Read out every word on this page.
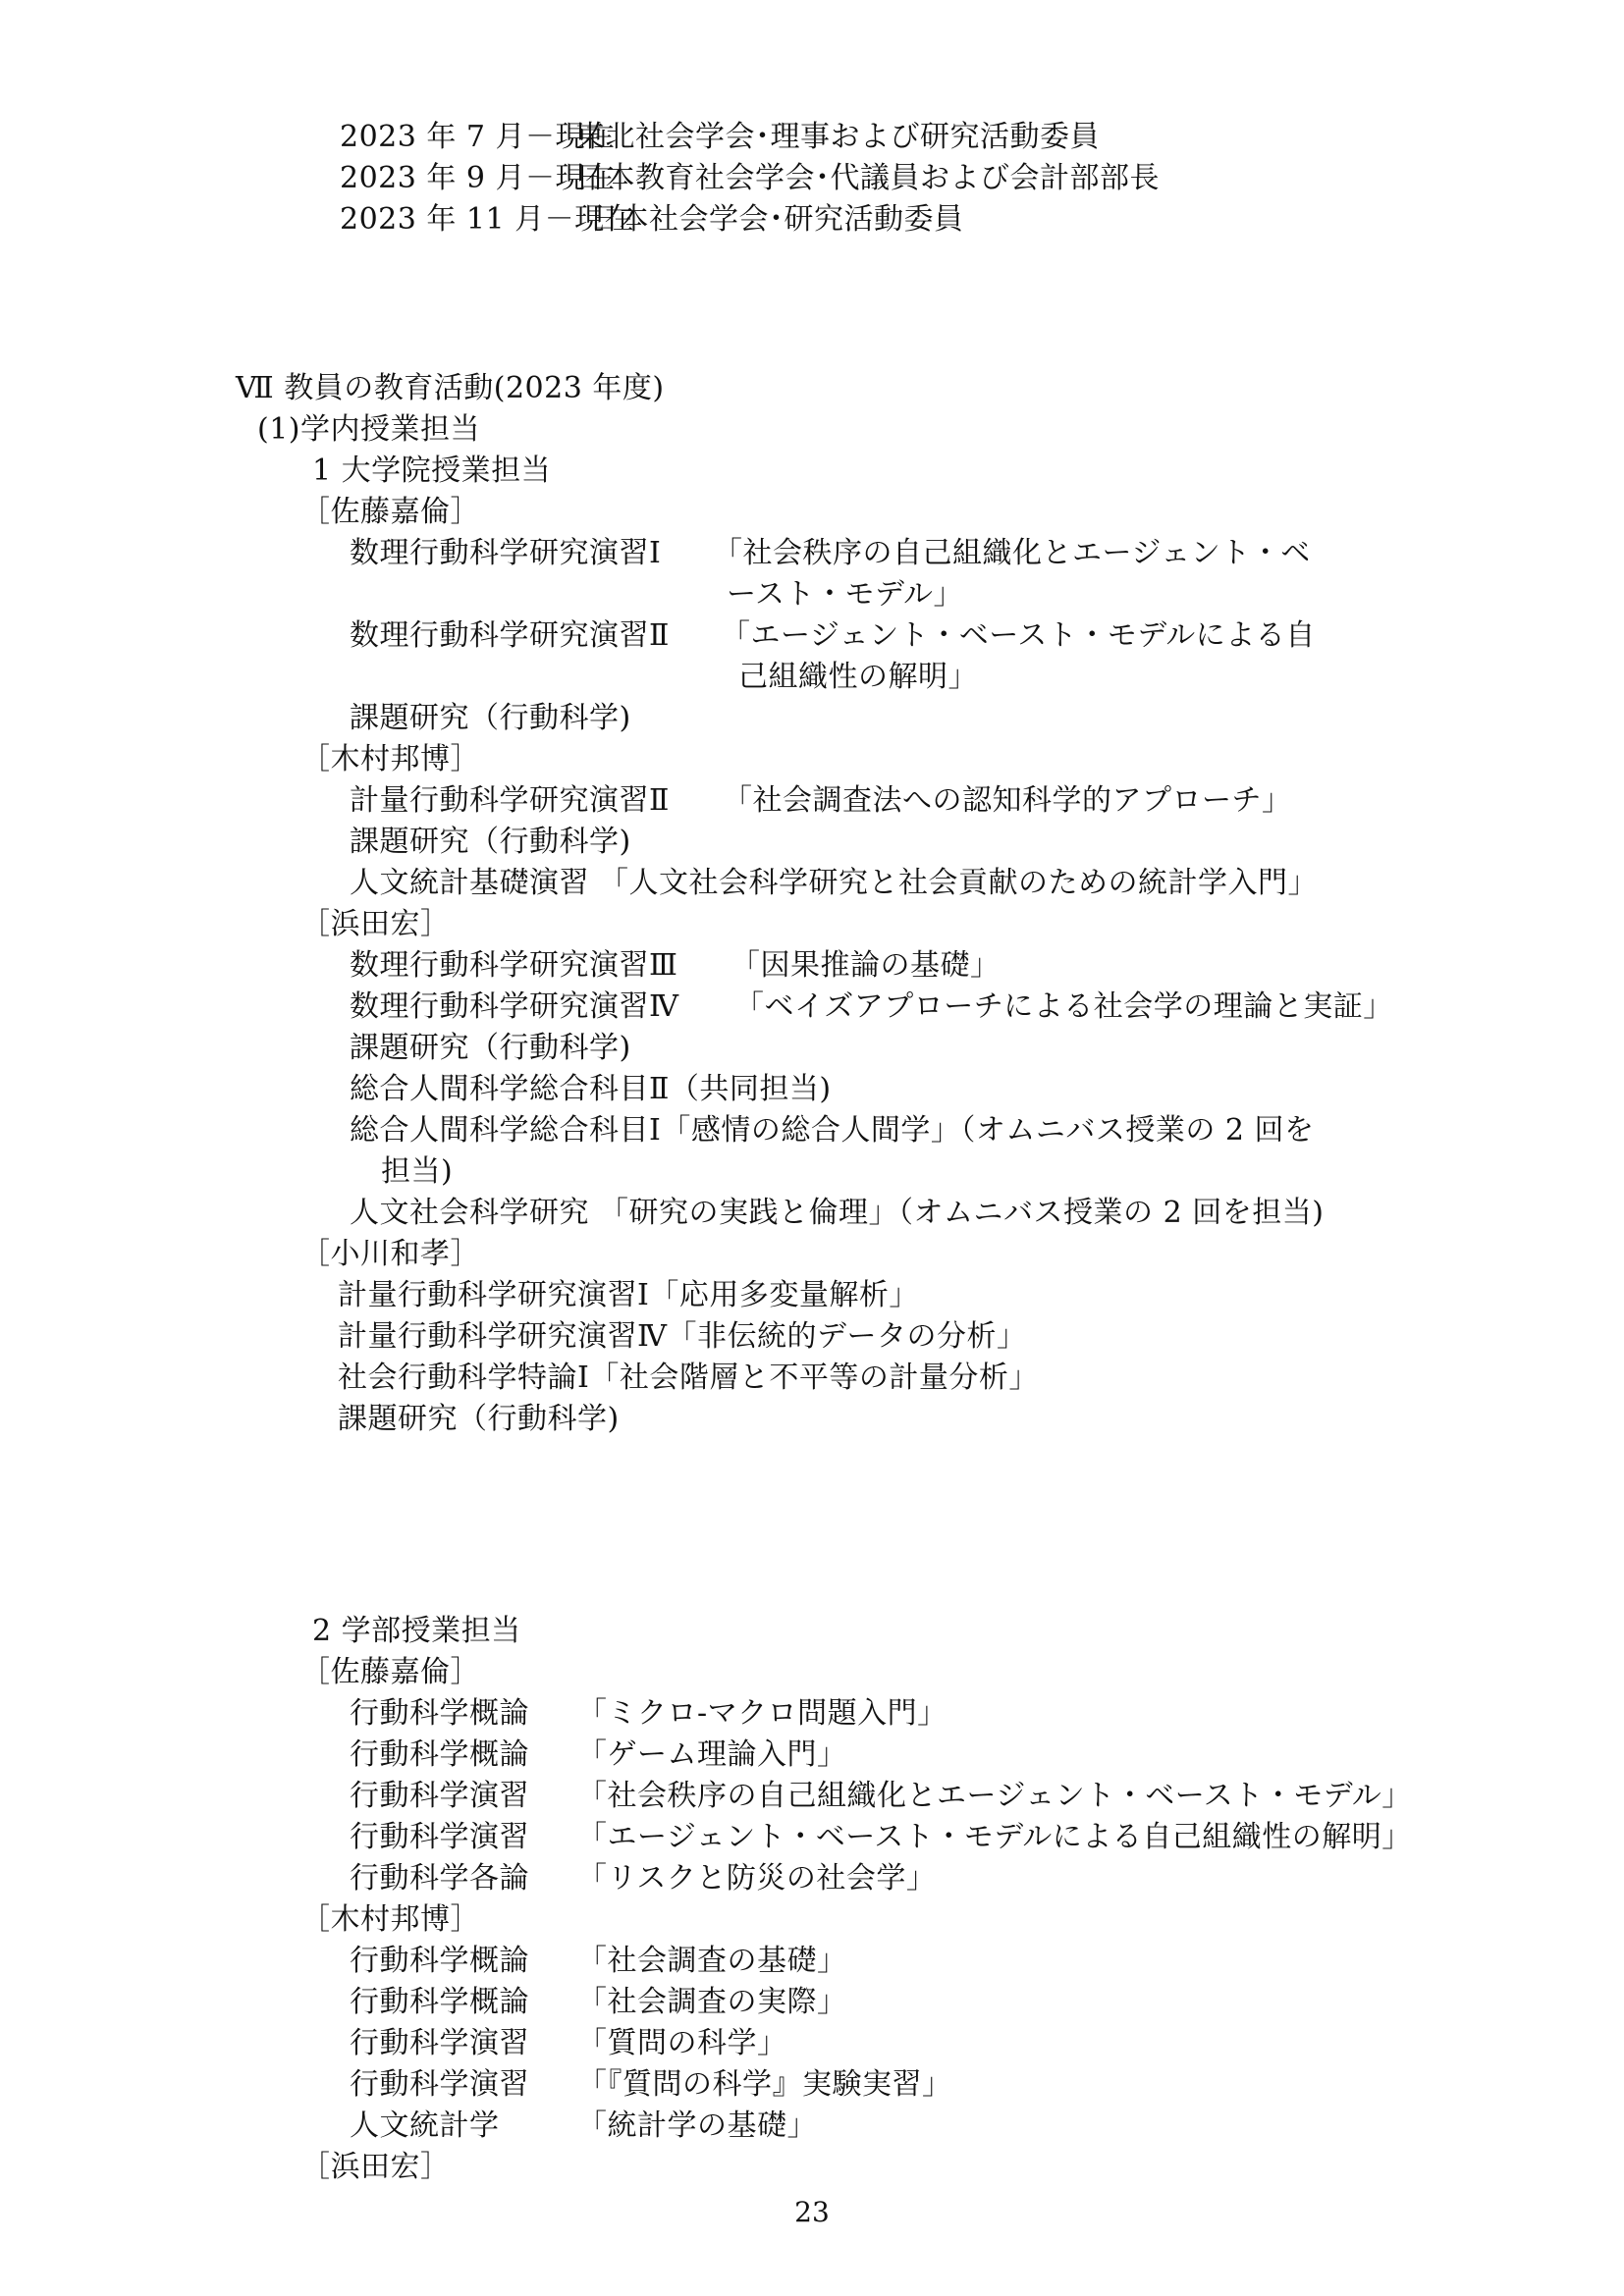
2023 年 7 月－現在東北社会学会･理事および研究活動委員
2023 年 9 月－現在日本教育社会学会･代議員および会計部部長
2023 年 11 月－現在日本社会学会･研究活動委員
Ⅶ 教員の教育活動(2023 年度)
(1)学内授業担当
1 大学院授業担当
［佐藤嘉倫］
数理行動科学研究演習Ⅰ 「社会秩序の自己組織化とエージェント・ベ
ースト・モデル」
数理行動科学研究演習Ⅱ 「エージェント・ベースト・モデルによる自
己組織性の解明」
課題研究（行動科学)
［木村邦博］
計量行動科学研究演習Ⅱ 「社会調査法への認知科学的アプローチ」
課題研究（行動科学)
人文統計基礎演習 「人文社会科学研究と社会貢献のための統計学入門」
［浜田宏］
数理行動科学研究演習Ⅲ 「因果推論の基礎」
数理行動科学研究演習Ⅳ 「ベイズアプローチによる社会学の理論と実証」
課題研究（行動科学)
総合人間科学総合科目Ⅱ（共同担当)
総合人間科学総合科目Ⅰ「感情の総合人間学」（オムニバス授業の 2 回を
担当)
人文社会科学研究 「研究の実践と倫理」（オムニバス授業の 2 回を担当)
［小川和孝］
計量行動科学研究演習Ⅰ「応用多変量解析」
計量行動科学研究演習Ⅳ「非伝統的データの分析」
社会行動科学特論Ⅰ「社会階層と不平等の計量分析」
課題研究（行動科学)
2 学部授業担当
［佐藤嘉倫］
行動科学概論 「ミクロ-マクロ問題入門」
行動科学概論 「ゲーム理論入門」
行動科学演習 「社会秩序の自己組織化とエージェント・ベースト・モデル」
行動科学演習 「エージェント・ベースト・モデルによる自己組織性の解明」
行動科学各論 「リスクと防災の社会学」
［木村邦博］
行動科学概論 「社会調査の基礎」
行動科学概論 「社会調査の実際」
行動科学演習 「質問の科学」
行動科学演習 「『質問の科学』実験実習」
人文統計学	「統計学の基礎」
［浜田宏］
23
